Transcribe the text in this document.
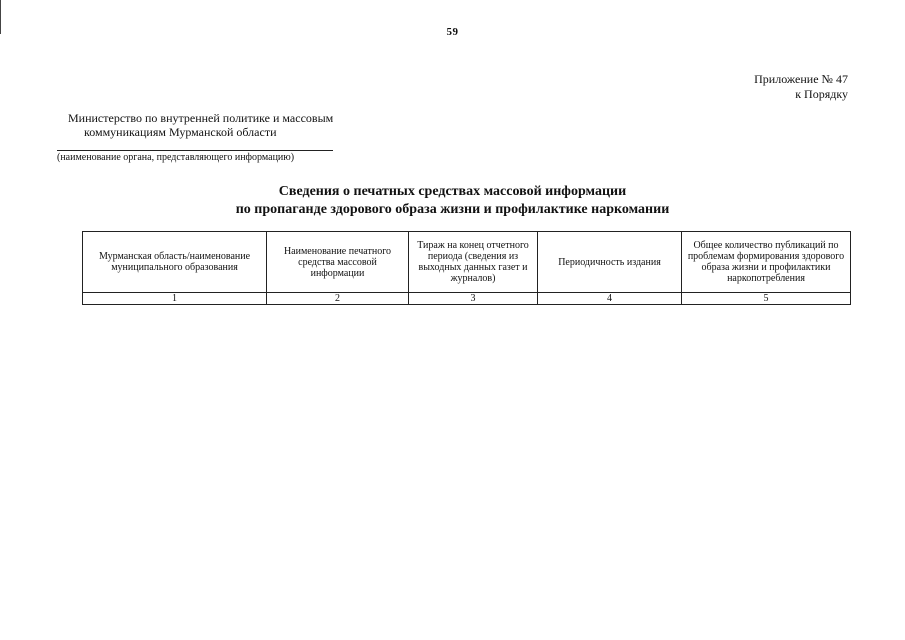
59
Приложение № 47
к Порядку
Министерство по внутренней политике и массовым
коммуникациям Мурманской области
(наименование органа, представляющего информацию)
Сведения о печатных средствах массовой информации
по пропаганде здорового образа жизни и профилактике наркомании
Мурманская область/наименование муниципального образования	Наименование печатного средства массовой информации	Тираж на конец отчетного периода (сведения из выходных данных газет и журналов)	Периодичность издания	Общее количество публикаций по проблемам формирования здорового образа жизни и профилактики наркопотребления
1	2	3	4	5
